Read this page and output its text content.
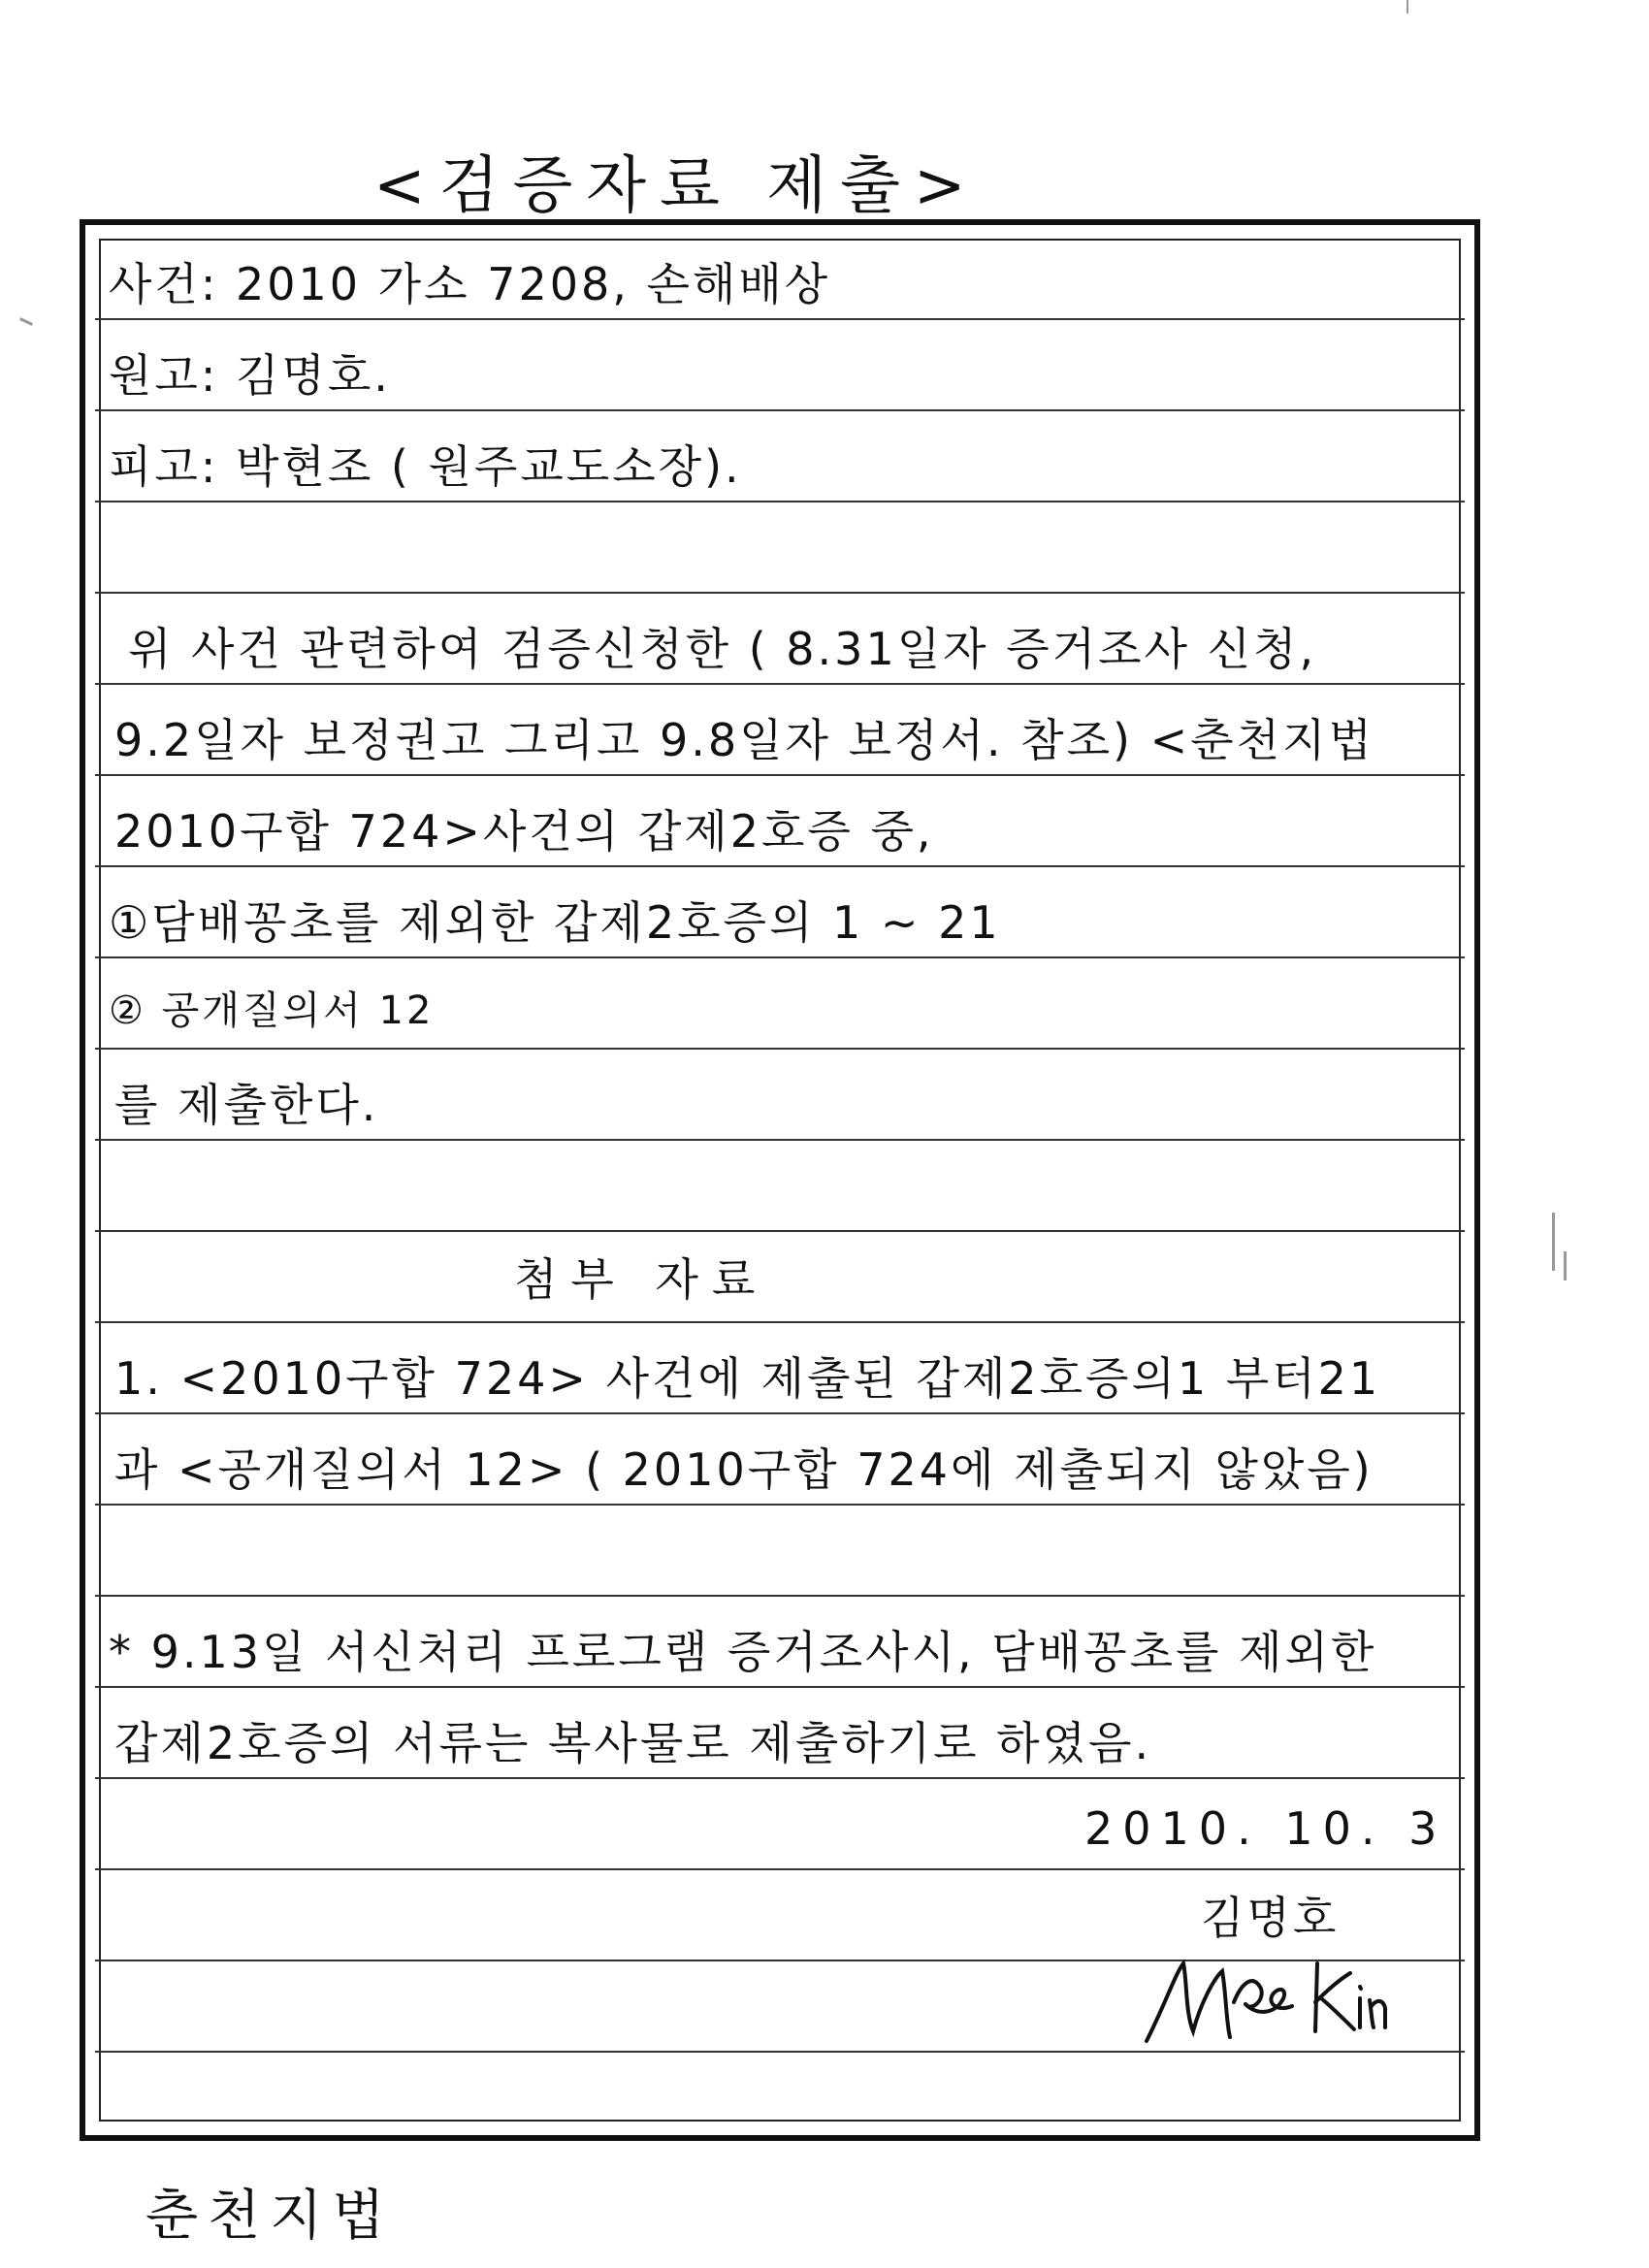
<검증자료 제출>
사건: 2010 가소 7208, 손해배상
원고: 김명호.
피고: 박현조 ( 원주교도소장).
위 사건 관련하여 검증신청한 ( 8.31일자 증거조사 신청,
9.2일자 보정권고 그리고 9.8일자 보정서. 참조) <춘천지법
2010구합 724>사건의 갑제2호증 중,
①담배꽁초를 제외한 갑제2호증의 1 ~ 21
② 공개질의서 12
를 제출한다.
첨부 자료
1. <2010구합 724> 사건에 제출된 갑제2호증의1 부터21
과 <공개질의서 12> ( 2010구합 724에 제출되지 않았음)
* 9.13일 서신처리 프로그램 증거조사시, 담배꽁초를 제외한
갑제2호증의 서류는 복사물로 제출하기로 하였음.
2010. 10. 3
김명호
춘천지법
